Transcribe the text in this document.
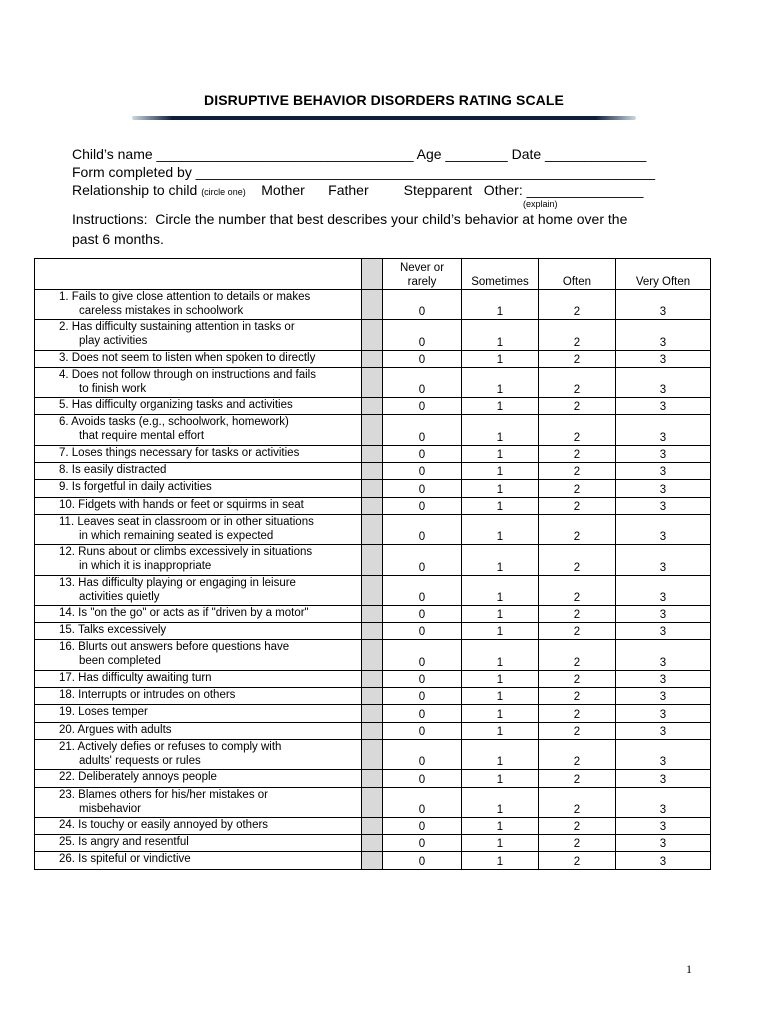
DISRUPTIVE BEHAVIOR DISORDERS RATING SCALE
Child’s name _________________________________ Age ________ Date _____________
Form completed by ___________________________________________________________
Relationship to child (circle one)    Mother      Father         Stepparent   Other: _______________
(explain)
Instructions:  Circle the number that best describes your child’s behavior at home over the
past 6 months.
		Never or
rarely	Sometimes	Often	Very Often
1. Fails to give close attention to details or makes
careless mistakes in schoolwork		0	1	2	3
2. Has difficulty sustaining attention in tasks or
play activities		0	1	2	3
3. Does not seem to listen when spoken to directly		0	1	2	3
4. Does not follow through on instructions and fails
to finish work		0	1	2	3
5. Has difficulty organizing tasks and activities		0	1	2	3
6. Avoids tasks (e.g., schoolwork, homework)
that require mental effort		0	1	2	3
7. Loses things necessary for tasks or activities		0	1	2	3
8. Is easily distracted		0	1	2	3
9. Is forgetful in daily activities		0	1	2	3
10. Fidgets with hands or feet or squirms in seat		0	1	2	3
11. Leaves seat in classroom or in other situations
in which remaining seated is expected		0	1	2	3
12. Runs about or climbs excessively in situations
in which it is inappropriate		0	1	2	3
13. Has difficulty playing or engaging in leisure
activities quietly		0	1	2	3
14. Is "on the go" or acts as if "driven by a motor"		0	1	2	3
15. Talks excessively		0	1	2	3
16. Blurts out answers before questions have
been completed		0	1	2	3
17. Has difficulty awaiting turn		0	1	2	3
18. Interrupts or intrudes on others		0	1	2	3
19. Loses temper		0	1	2	3
20. Argues with adults		0	1	2	3
21. Actively defies or refuses to comply with
adults' requests or rules		0	1	2	3
22. Deliberately annoys people		0	1	2	3
23. Blames others for his/her mistakes or
misbehavior		0	1	2	3
24. Is touchy or easily annoyed by others		0	1	2	3
25. Is angry and resentful		0	1	2	3
26. Is spiteful or vindictive		0	1	2	3
1
